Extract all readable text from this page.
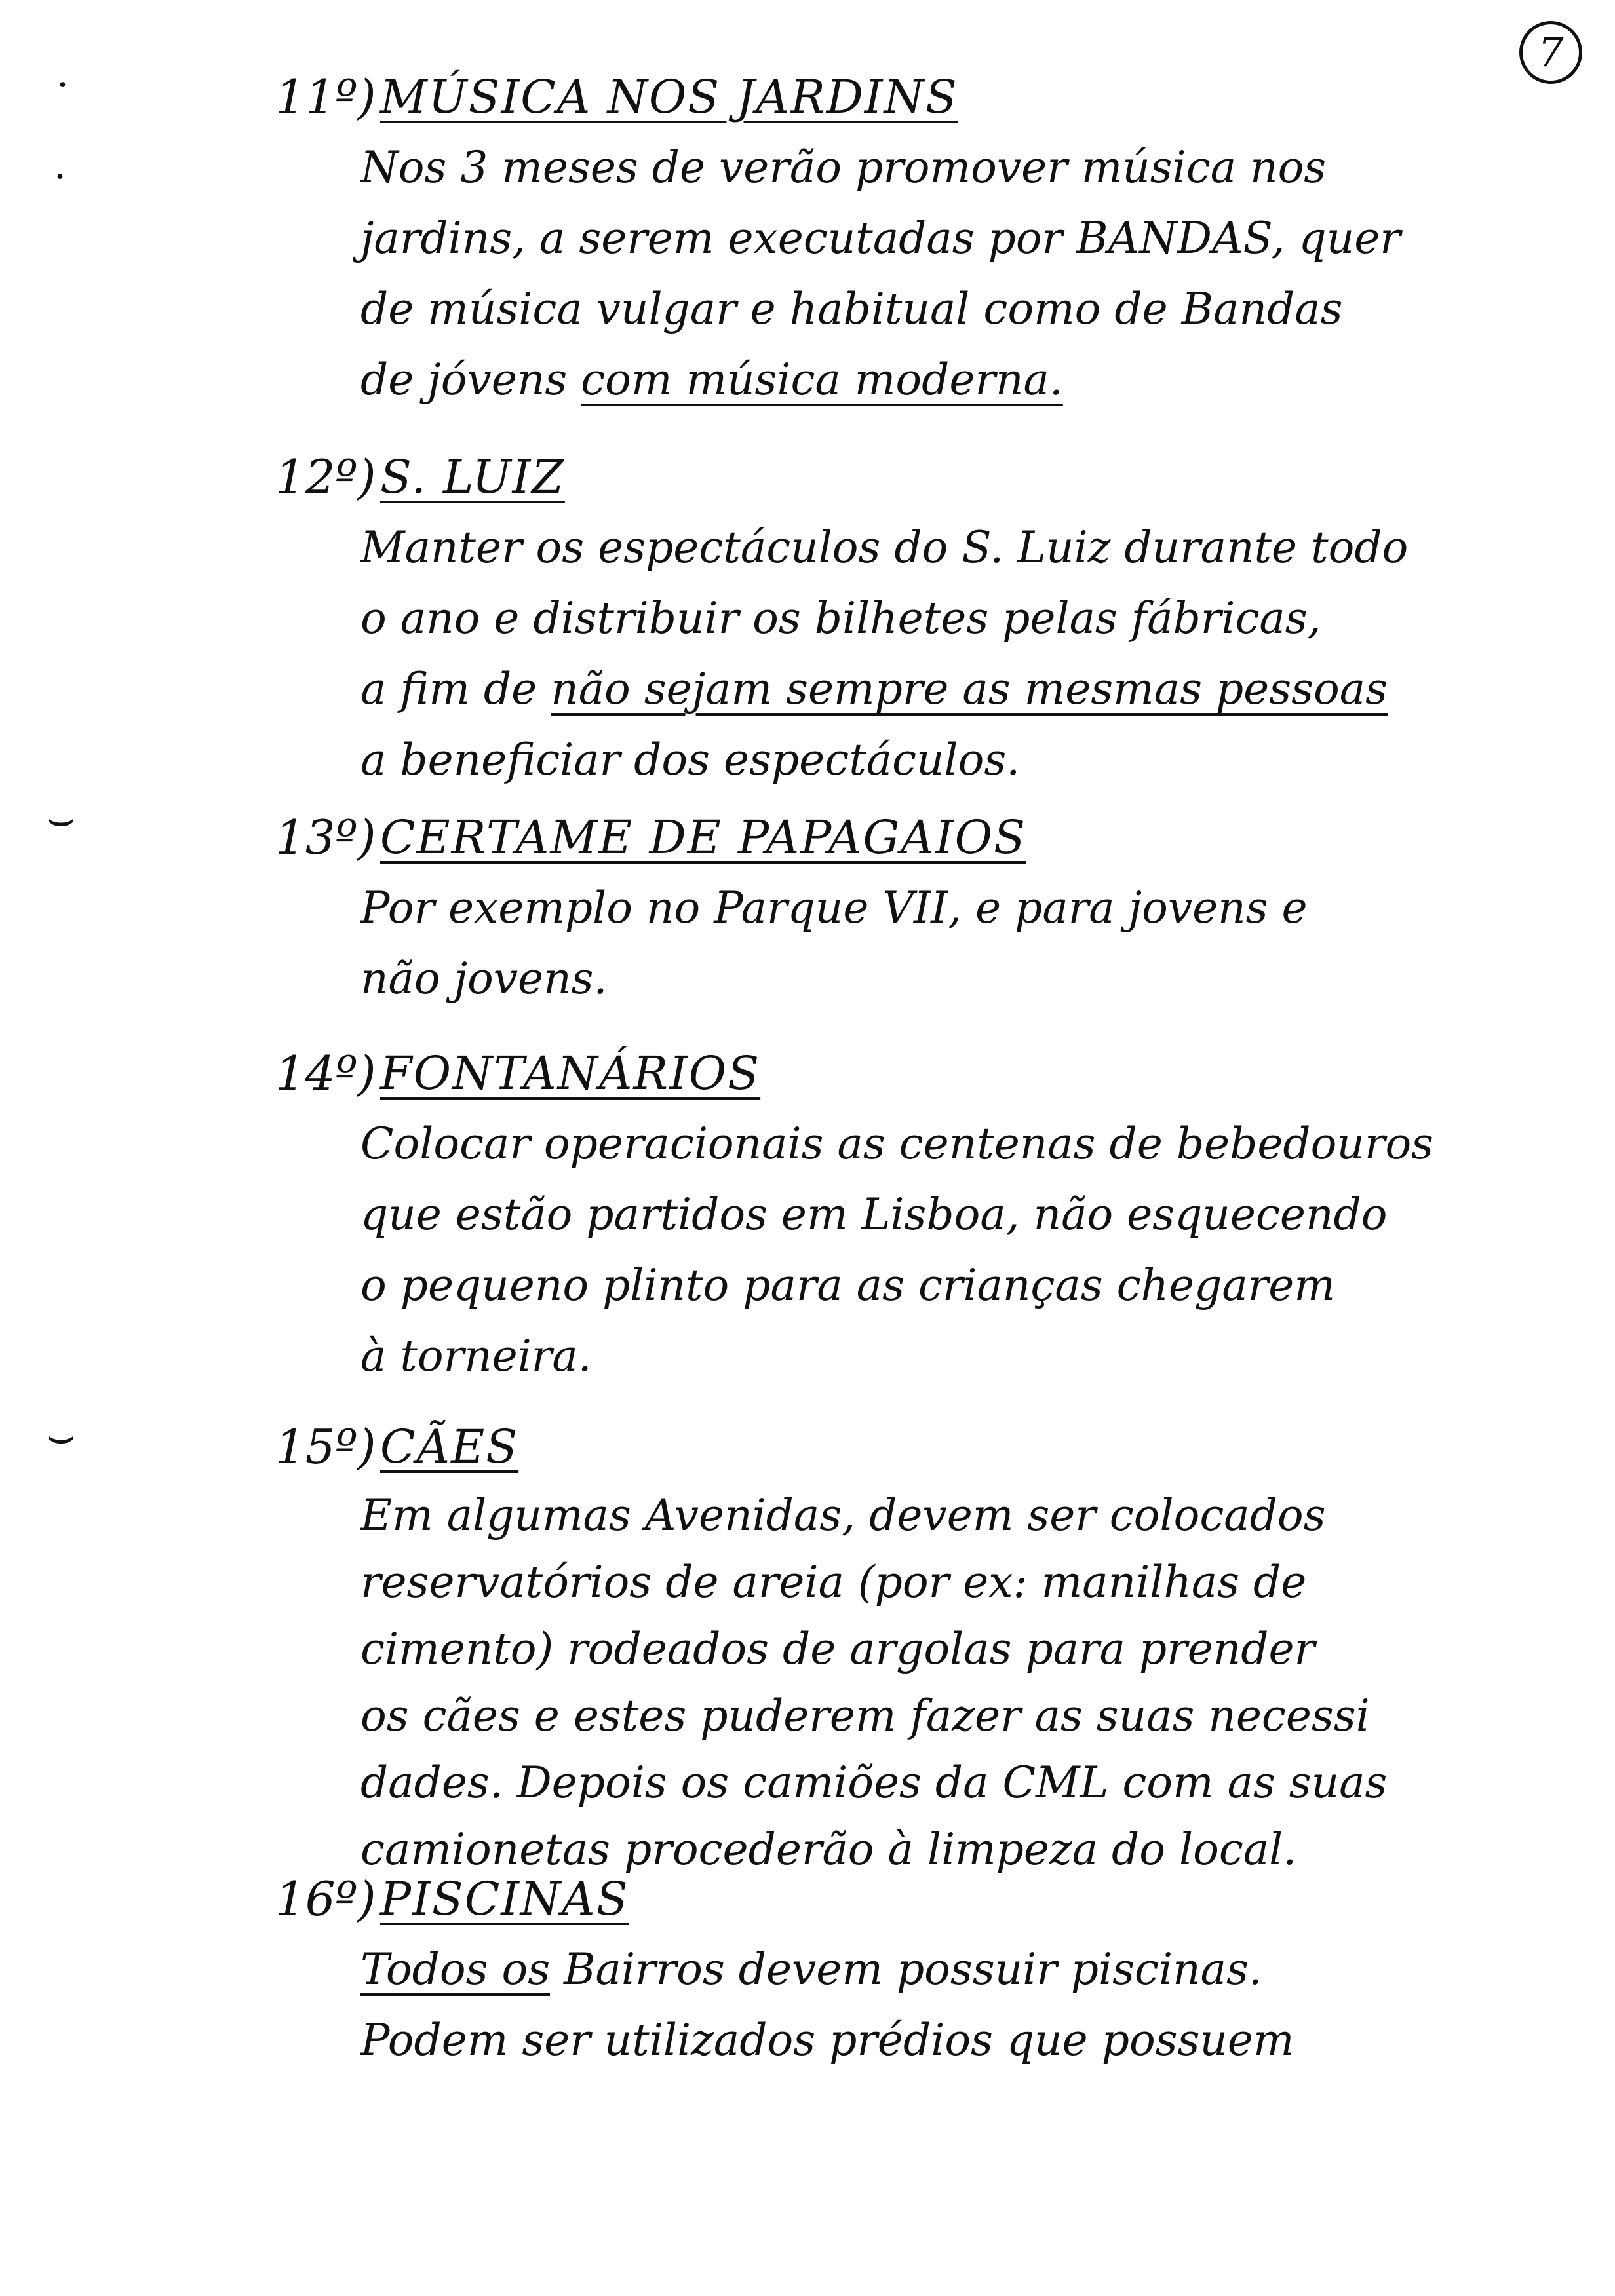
7
·
·
⌣
⌣
11º) MÚSICA NOS JARDINS
Nos 3 meses de verão promover música nos
jardins, a serem executadas por BANDAS, quer
de música vulgar e habitual como de Bandas
de jóvens com música moderna.
12º) S. LUIZ
Manter os espectáculos do S. Luiz durante todo
o ano e distribuir os bilhetes pelas fábricas,
a fim de não sejam sempre as mesmas pessoas
a beneficiar dos espectáculos.
13º) CERTAME DE PAPAGAIOS
Por exemplo no Parque VII, e para jovens e
não jovens.
14º) FONTANÁRIOS
Colocar operacionais as centenas de bebedouros
que estão partidos em Lisboa, não esquecendo
o pequeno plinto para as crianças chegarem
à torneira.
15º) CÃES
Em algumas Avenidas, devem ser colocados
reservatórios de areia (por ex: manilhas de
cimento) rodeados de argolas para prender
os cães e estes puderem fazer as suas necessi
dades. Depois os camiões da CML com as suas
camionetas procederão à limpeza do local.
16º) PISCINAS
Todos os Bairros devem possuir piscinas.
Podem ser utilizados prédios que possuem
